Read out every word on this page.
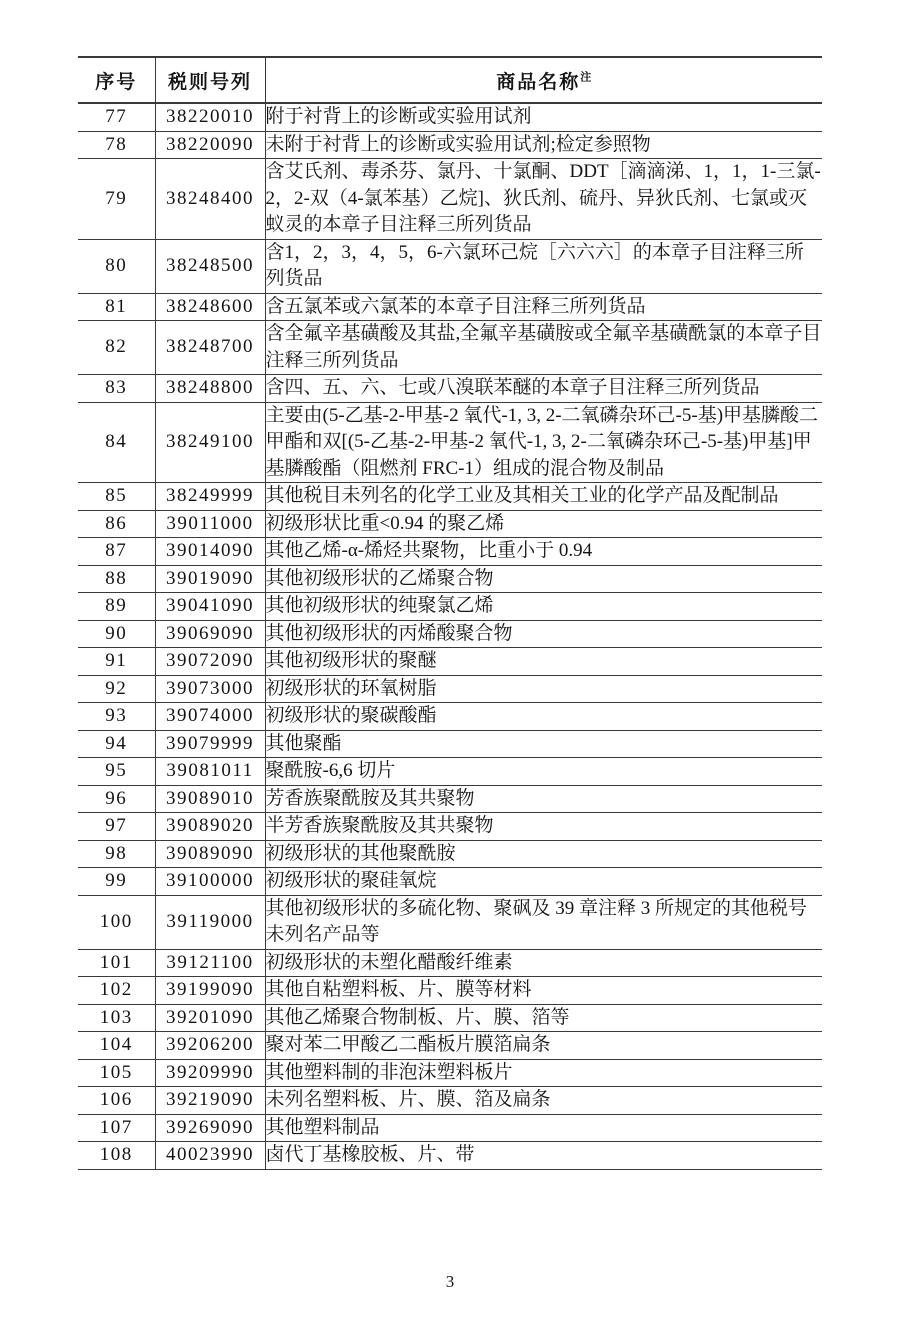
序号	税则号列	商品名称$^注$
77	38220010	附于衬背上的诊断或实验用试剂
78	38220090	未附于衬背上的诊断或实验用试剂;检定参照物
79	38248400	含艾氏剂、毒杀芬、氯丹、十氯酮、DDT［滴滴涕、1，1，1-三氯-2，2-双（4-氯苯基）乙烷]、狄氏剂、硫丹、异狄氏剂、七氯或灭蚁灵的本章子目注释三所列货品
80	38248500	含1，2，3，4，5，6-六氯环己烷［六六六］的本章子目注释三所列货品
81	38248600	含五氯苯或六氯苯的本章子目注释三所列货品
82	38248700	含全氟辛基磺酸及其盐,全氟辛基磺胺或全氟辛基磺酰氯的本章子目注释三所列货品
83	38248800	含四、五、六、七或八溴联苯醚的本章子目注释三所列货品
84	38249100	主要由(5-乙基-2-甲基-2 氧代-1, 3, 2-二氧磷杂环己-5-基)甲基膦酸二甲酯和双[(5-乙基-2-甲基-2 氧代-1, 3, 2-二氧磷杂环己-5-基)甲基]甲基膦酸酯（阻燃剂 FRC-1）组成的混合物及制品
85	38249999	其他税目未列名的化学工业及其相关工业的化学产品及配制品
86	39011000	初级形状比重<0.94 的聚乙烯
87	39014090	其他乙烯-α-烯烃共聚物，比重小于 0.94
88	39019090	其他初级形状的乙烯聚合物
89	39041090	其他初级形状的纯聚氯乙烯
90	39069090	其他初级形状的丙烯酸聚合物
91	39072090	其他初级形状的聚醚
92	39073000	初级形状的环氧树脂
93	39074000	初级形状的聚碳酸酯
94	39079999	其他聚酯
95	39081011	聚酰胺-6,6 切片
96	39089010	芳香族聚酰胺及其共聚物
97	39089020	半芳香族聚酰胺及其共聚物
98	39089090	初级形状的其他聚酰胺
99	39100000	初级形状的聚硅氧烷
100	39119000	其他初级形状的多硫化物、聚砜及 39 章注释 3 所规定的其他税号未列名产品等
101	39121100	初级形状的未塑化醋酸纤维素
102	39199090	其他自粘塑料板、片、膜等材料
103	39201090	其他乙烯聚合物制板、片、膜、箔等
104	39206200	聚对苯二甲酸乙二酯板片膜箔扁条
105	39209990	其他塑料制的非泡沫塑料板片
106	39219090	未列名塑料板、片、膜、箔及扁条
107	39269090	其他塑料制品
108	40023990	卤代丁基橡胶板、片、带
3
